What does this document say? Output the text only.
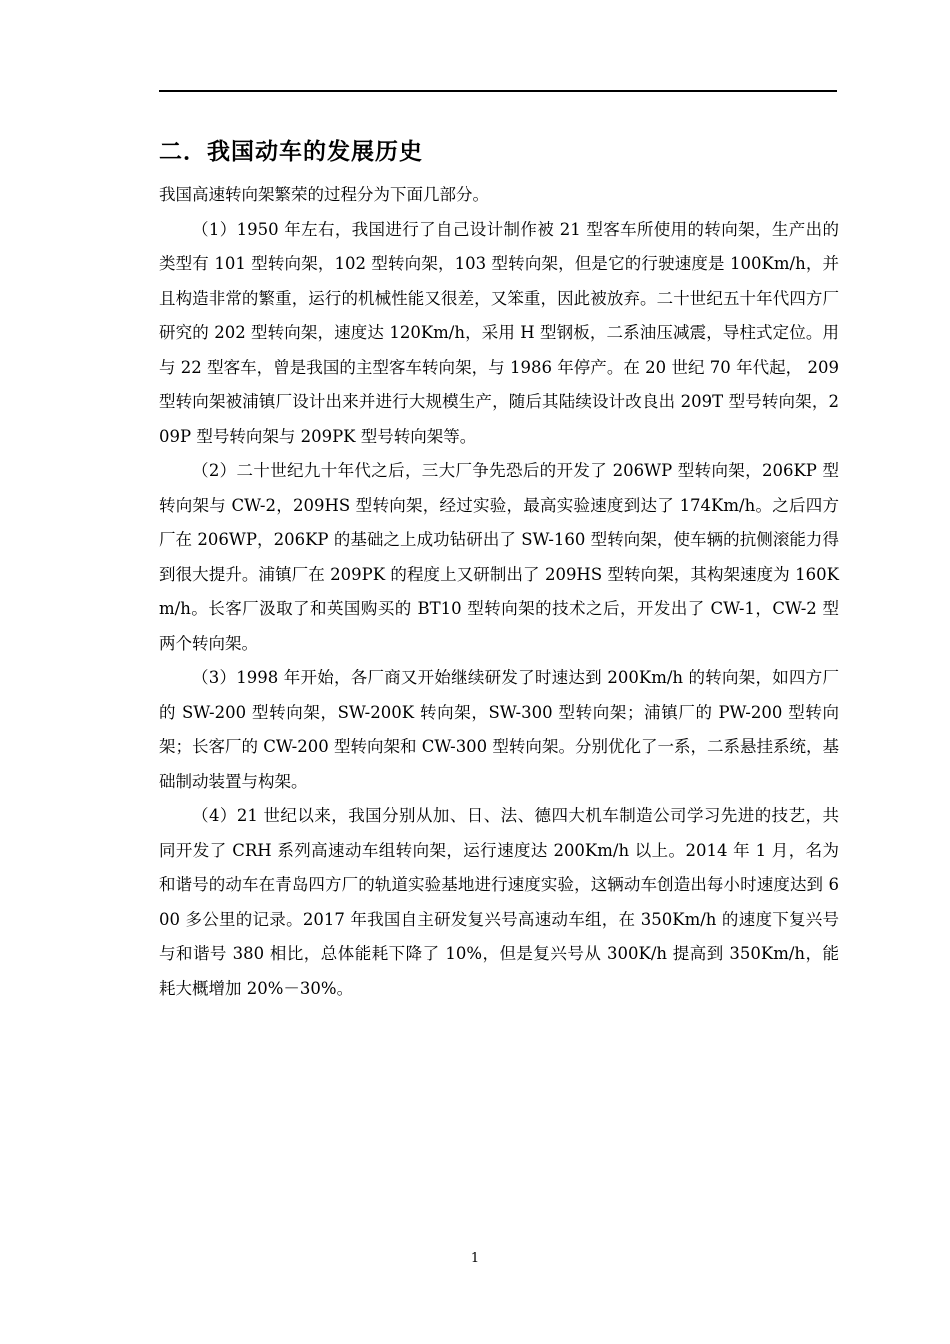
二．我国动车的发展历史

我国高速转向架繁荣的过程分为下面几部分。

（1）1950 年左右，我国进行了自己设计制作被 21 型客车所使用的转向架，生产出的类型有 101 型转向架，102 型转向架，103 型转向架，但是它的行驶速度是 100Km/h，并且构造非常的繁重，运行的机械性能又很差，又笨重，因此被放弃。二十世纪五十年代四方厂研究的 202 型转向架，速度达 120Km/h，采用 H 型钢板，二系油压减震，导柱式定位。用与 22 型客车，曾是我国的主型客车转向架，与 1986 年停产。在 20 世纪 70 年代起， 209 型转向架被浦镇厂设计出来并进行大规模生产，随后其陆续设计改良出 209T 型号转向架，209P 型号转向架与 209PK 型号转向架等。

（2）二十世纪九十年代之后，三大厂争先恐后的开发了 206WP 型转向架，206KP 型转向架与 CW-2，209HS 型转向架，经过实验，最高实验速度到达了 174Km/h。之后四方厂在 206WP，206KP 的基础之上成功钻研出了 SW-160 型转向架，使车辆的抗侧滚能力得到很大提升。浦镇厂在 209PK 的程度上又研制出了 209HS 型转向架，其构架速度为 160Km/h。长客厂汲取了和英国购买的 BT10 型转向架的技术之后，开发出了 CW-1，CW-2 型两个转向架。

（3）1998 年开始，各厂商又开始继续研发了时速达到 200Km/h 的转向架，如四方厂的 SW-200 型转向架，SW-200K 转向架，SW-300 型转向架；浦镇厂的 PW-200 型转向架；长客厂的 CW-200 型转向架和 CW-300 型转向架。分别优化了一系，二系悬挂系统，基础制动装置与构架。

（4）21 世纪以来，我国分别从加、日、法、德四大机车制造公司学习先进的技艺，共同开发了 CRH 系列高速动车组转向架，运行速度达 200Km/h 以上。2014 年 1 月，名为和谐号的动车在青岛四方厂的轨道实验基地进行速度实验，这辆动车创造出每小时速度达到 600 多公里的记录。2017 年我国自主研发复兴号高速动车组，在 350Km/h 的速度下复兴号与和谐号 380 相比，总体能耗下降了 10%，但是复兴号从 300K/h 提高到 350Km/h，能耗大概增加 20%－30%。

1
